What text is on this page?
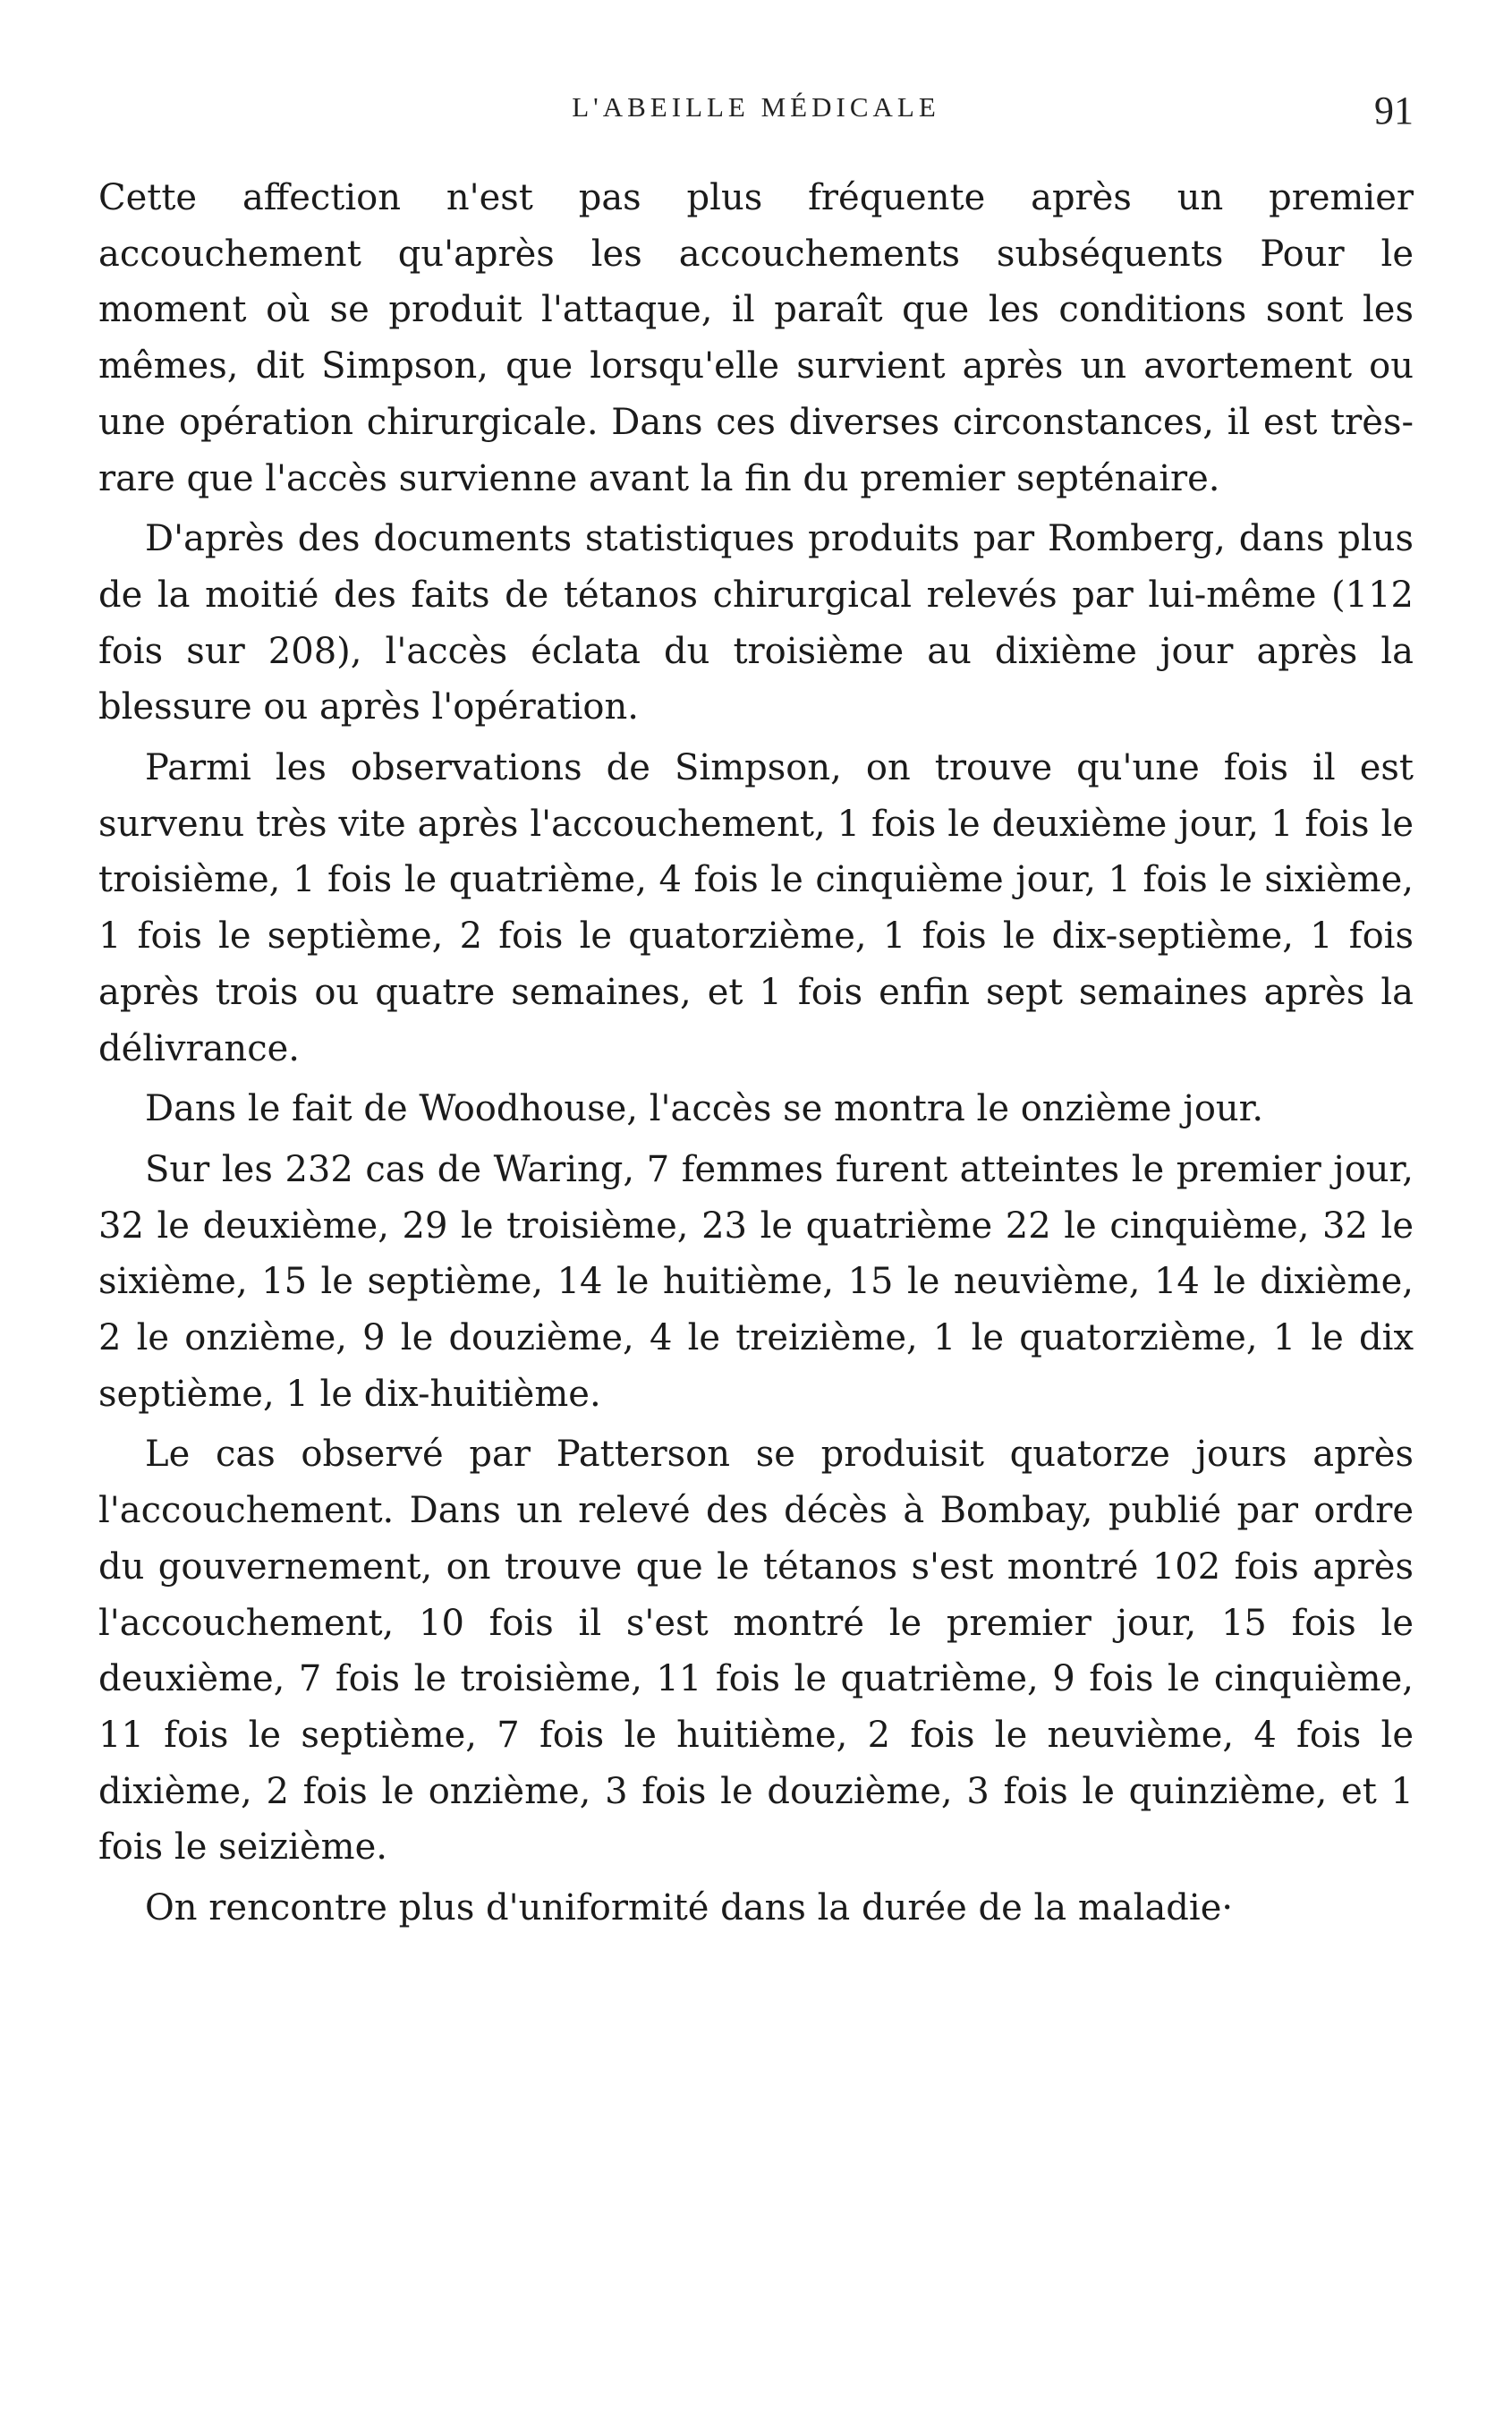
L'ABEILLE MÉDICALE	91

Cette affection n'est pas plus fréquente après un premier accouchement qu'après les accouchements subséquents Pour le moment où se produit l'attaque, il paraît que les conditions sont les mêmes, dit Simpson, que lorsqu'elle survient après un avortement ou une opération chirurgicale. Dans ces diverses circonstances, il est très-rare que l'accès survienne avant la fin du premier septénaire.

D'après des documents statistiques produits par Romberg, dans plus de la moitié des faits de tétanos chirurgical relevés par lui-même (112 fois sur 208), l'accès éclata du troisième au dixième jour après la blessure ou après l'opération.

Parmi les observations de Simpson, on trouve qu'une fois il est survenu très vite après l'accouchement, 1 fois le deuxième jour, 1 fois le troisième, 1 fois le quatrième, 4 fois le cinquième jour, 1 fois le sixième, 1 fois le septième, 2 fois le quatorzième, 1 fois le dix-septième, 1 fois après trois ou quatre semaines, et 1 fois enfin sept semaines après la délivrance.

Dans le fait de Woodhouse, l'accès se montra le onzième jour.

Sur les 232 cas de Waring, 7 femmes furent atteintes le premier jour, 32 le deuxième, 29 le troisième, 23 le quatrième 22 le cinquième, 32 le sixième, 15 le septième, 14 le huitième, 15 le neuvième, 14 le dixième, 2 le onzième, 9 le douzième, 4 le treizième, 1 le quatorzième, 1 le dix septième, 1 le dix-huitième.

Le cas observé par Patterson se produisit quatorze jours après l'accouchement. Dans un relevé des décès à Bombay, publié par ordre du gouvernement, on trouve que le tétanos s'est montré 102 fois après l'accouchement, 10 fois il s'est montré le premier jour, 15 fois le deuxième, 7 fois le troisième, 11 fois le quatrième, 9 fois le cinquième, 11 fois le septième, 7 fois le huitième, 2 fois le neuvième, 4 fois le dixième, 2 fois le onzième, 3 fois le douzième, 3 fois le quinzième, et 1 fois le seizième.

On rencontre plus d'uniformité dans la durée de la maladie·
